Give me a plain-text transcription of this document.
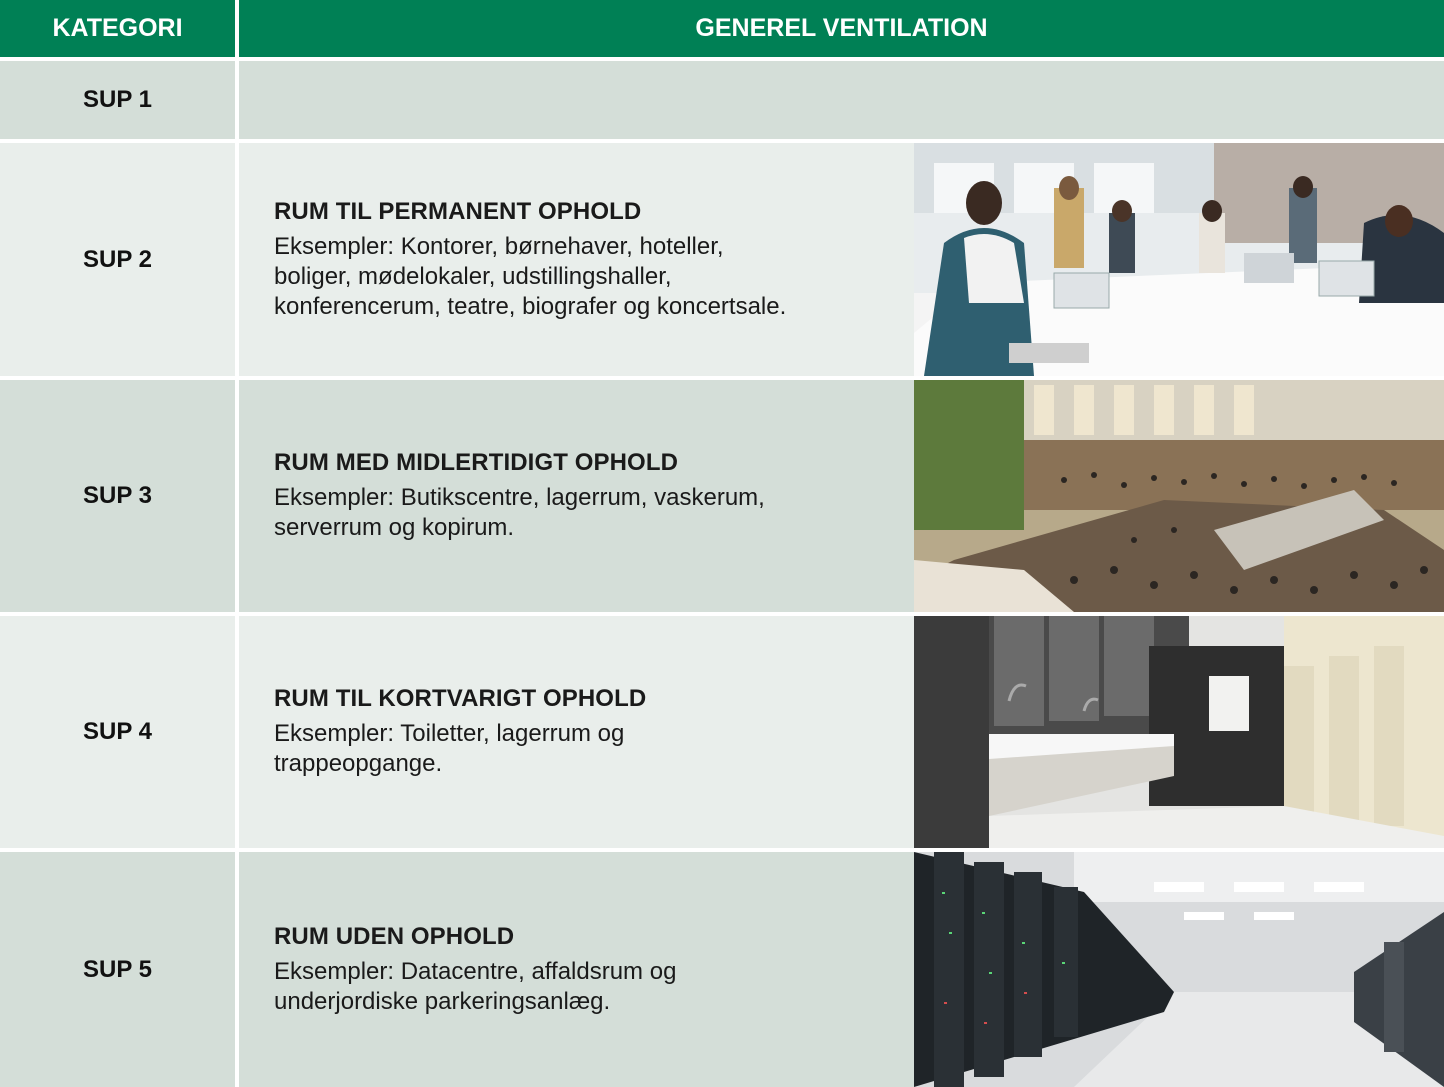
KATEGORI	GENEREL VENTILATION
SUP 1
SUP 2
RUM TIL PERMANENT OPHOLD
Eksempler: Kontorer, børnehaver, hoteller, boliger, mødelokaler, udstillingshaller, konferencerum, teatre, biografer og koncertsale.
SUP 3
RUM MED MIDLERTIDIGT OPHOLD
Eksempler: Butikscentre, lagerrum, vaskerum, serverrum og kopirum.
SUP 4
RUM TIL KORTVARIGT OPHOLD
Eksempler: Toiletter, lagerrum og trappeopgange.
SUP 5
RUM UDEN OPHOLD
Eksempler: Datacentre, affaldsrum og underjordiske parkeringsanlæg.
